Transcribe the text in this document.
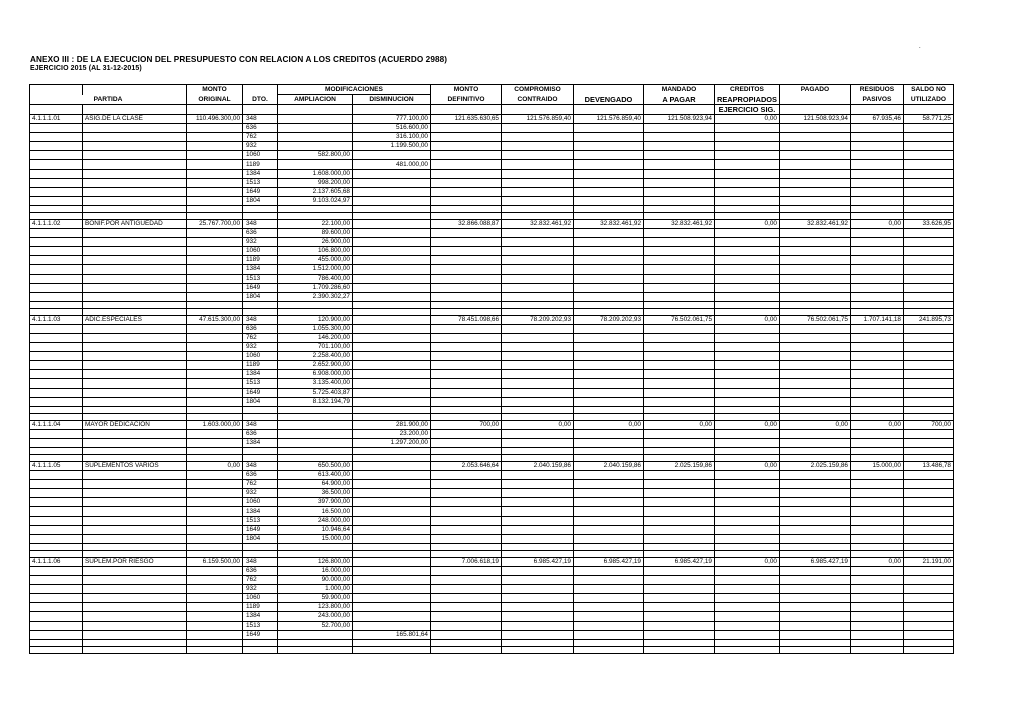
.
ANEXO III : DE LA EJECUCION DEL PRESUPUESTO CON RELACION A LOS CREDITOS (ACUERDO 2988)
EJERCICIO 2015 (AL 31-12-2015)
		MONTO		MODIFICACIONES		MONTO	COMPROMISO		MANDADO	CREDITOS	PAGADO	RESIDUOS	SALDO NO
PARTIDA		ORIGINAL	DTO.	AMPLIACION	DISMINUCION	DEFINITIVO	CONTRAIDO	DEVENGADO	A PAGAR	REAPROPIADOS		PASIVOS	UTILIZADO
										EJERCICIO SIG.			
4.1.1.1.01	ASIG.DE LA CLASE	110.496.300,00	348		777.100,00	121.635.630,65	121.576.859,40	121.576.859,40	121.508.923,94	0,00	121.508.923,94	67.935,46	58.771,25
			636		516.600,00								
			762		316.100,00								
			932		1.199.500,00								
			1060	582.800,00									
			1189		481.000,00								
			1384	1.608.000,00									
			1513	998.200,00									
			1649	2.137.605,68									
			1804	9.103.024,97									

4.1.1.1.02	BONIF.POR ANTIGUEDAD	25.767.700,00	348	22.100,00		32.866.088,87	32.832.461,92	32.832.461,92	32.832.461,92	0,00	32.832.461,92	0,00	33.626,95
			636	89.600,00									
			932	26.900,00									
			1060	106.800,00									
			1189	455.000,00									
			1384	1.512.000,00									
			1513	786.400,00									
			1649	1.709.286,60									
			1804	2.390.302,27									

4.1.1.1.03	ADIC.ESPECIALES	47.615.300,00	348	120.900,00		78.451.098,66	78.209.202,93	78.209.202,93	76.502.061,75	0,00	76.502.061,75	1.707.141,18	241.895,73
			636	1.055.300,00									
			762	146.200,00									
			932	701.100,00									
			1060	2.258.400,00									
			1189	2.652.900,00									
			1384	6.908.000,00									
			1513	3.135.400,00									
			1649	5.725.403,87									
			1804	8.132.194,79									

4.1.1.1.04	MAYOR DEDICACION	1.603.000,00	348		281.900,00	700,00	0,00	0,00	0,00	0,00	0,00	0,00	700,00
			636		23.200,00								
			1384		1.297.200,00								

4.1.1.1.05	SUPLEMENTOS VARIOS	0,00	348	650.500,00		2.053.646,64	2.040.159,86	2.040.159,86	2.025.159,86	0,00	2.025.159,86	15.000,00	13.486,78
			636	613.400,00									
			762	64.900,00									
			932	36.500,00									
			1060	397.900,00									
			1384	16.500,00									
			1513	248.000,00									
			1649	10.946,64									
			1804	15.000,00									

4.1.1.1.06	SUPLEM.POR RIESGO	6.159.500,00	348	126.800,00		7.006.618,19	6.985.427,19	6.985.427,19	6.985.427,19	0,00	6.985.427,19	0,00	21.191,00
			636	16.000,00									
			762	90.000,00									
			932	1.000,00									
			1060	59.900,00									
			1189	123.800,00									
			1384	243.000,00									
			1513	52.700,00									
			1649		165.801,64								
